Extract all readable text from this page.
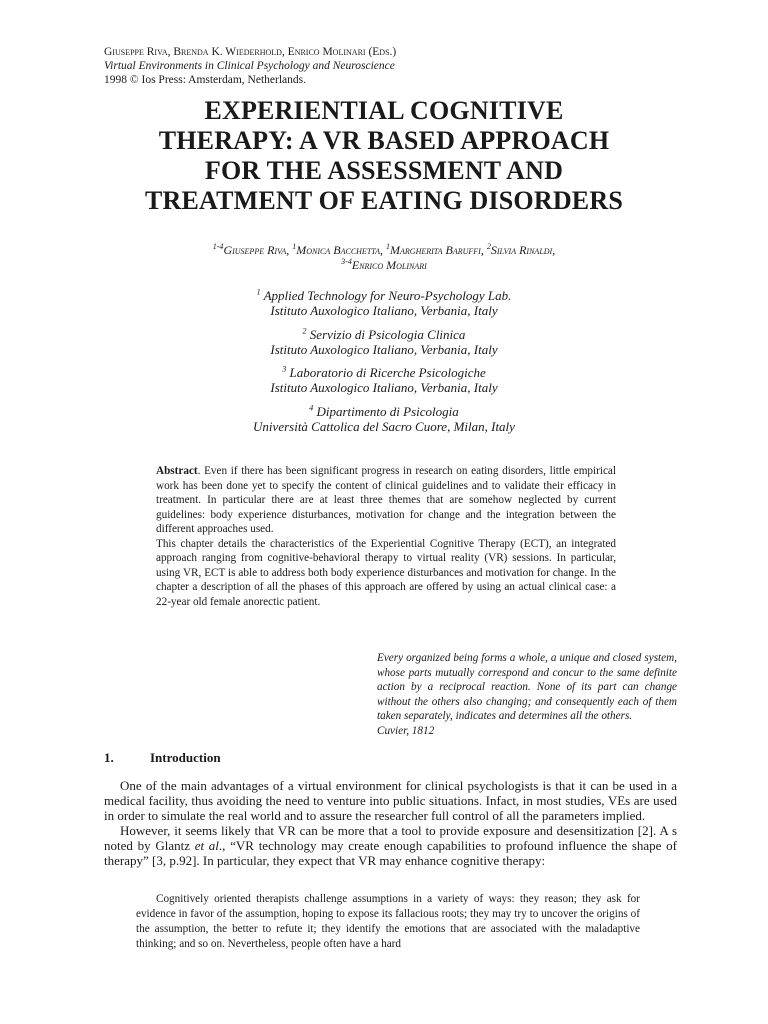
Giuseppe Riva, Brenda K. Wiederhold, Enrico Molinari (Eds.)
Virtual Environments in Clinical Psychology and Neuroscience
1998 © Ios Press: Amsterdam, Netherlands.
EXPERIENTIAL COGNITIVE
THERAPY: A VR BASED APPROACH
FOR THE ASSESSMENT AND
TREATMENT OF EATING DISORDERS
$^{1-4}$Giuseppe Riva, $^1$Monica Bacchetta, $^1$Margherita Baruffi, $^2$Silvia Rinaldi,
$^{3-4}$Enrico Molinari
$^1$ Applied Technology for Neuro-Psychology Lab.
Istituto Auxologico Italiano, Verbania, Italy
$^2$ Servizio di Psicologia Clinica
Istituto Auxologico Italiano, Verbania, Italy
$^3$ Laboratorio di Ricerche Psicologiche
Istituto Auxologico Italiano, Verbania, Italy
$^4$ Dipartimento di Psicologia
Università Cattolica del Sacro Cuore, Milan, Italy

Abstract. Even if there has been significant progress in research on eating disorders, little empirical work has been done yet to specify the content of clinical guidelines and to validate their efficacy in treatment. In particular there are at least three themes that are somehow neglected by current guidelines: body experience disturbances, motivation for change and the integration between the different approaches used.

This chapter details the characteristics of the Experiential Cognitive Therapy (ECT), an integrated approach ranging from cognitive-behavioral therapy to virtual reality (VR) sessions. In particular, using VR, ECT is able to address both body experience disturbances and motivation for change. In the chapter a description of all the phases of this approach are offered by using an actual clinical case: a 22-year old female anorectic patient.

Every organized being forms a whole, a unique and closed system, whose parts mutually correspond and concur to the same definite action by a reciprocal reaction. None of its part can change without the others also changing; and consequently each of them taken separately, indicates and determines all the others.

Cuvier, 1812

1.	Introduction

One of the main advantages of a virtual environment for clinical psychologists is that it can be used in a medical facility, thus avoiding the need to venture into public situations. Infact, in most studies, VEs are used in order to simulate the real world and to assure the researcher full control of all the parameters implied.

However, it seems likely that VR can be more that a tool to provide exposure and desensitization [2]. A s noted by Glantz et al., “VR technology may create enough capabilities to profound influence the shape of therapy” [3, p.92]. In particular, they expect that VR may enhance cognitive therapy:

Cognitively oriented therapists challenge assumptions in a variety of ways: they reason; they ask for evidence in favor of the assumption, hoping to expose its fallacious roots; they may try to uncover the origins of the assumption, the better to refute it; they identify the emotions that are associated with the maladaptive thinking; and so on. Nevertheless, people often have a hard
